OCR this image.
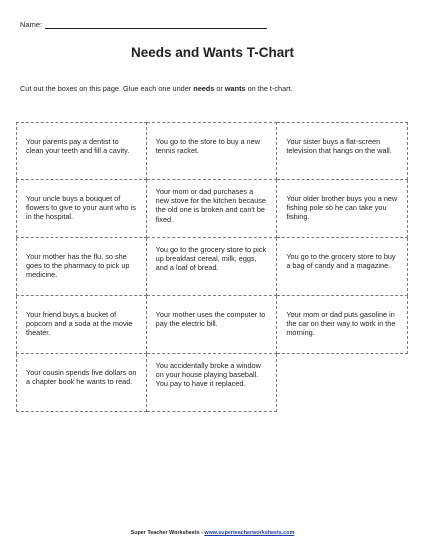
Name:
Needs and Wants T-Chart
Cut out the boxes on this page. Glue each one under needs or wants on the t-chart.
Your parents pay a dentist to clean your teeth and fill a cavity.
You go to the store to buy a new tennis racket.
Your sister buys a flat-screen television that hangs on the wall.
Your uncle buys a bouquet of flowers to give to your aunt who is in the hospital.
Your mom or dad purchases a new stove for the kitchen because the old one is broken and can't be fixed.
Your older brother buys you a new fishing pole so he can take you fishing.
Your mother has the flu, so she goes to the pharmacy to pick up medicine.
You go to the grocery store to pick up breakfast cereal, milk, eggs, and a loaf of bread.
You go to the grocery store to buy a bag of candy and a magazine.
Your friend buys a bucket of popcorn and a soda at the movie theater.
Your mother uses the computer to pay the electric bill.
Your mom or dad puts gasoline in the car on their way to work in the morning.
Your cousin spends five dollars on a chapter book he wants to read.
You accidentally broke a window on your house playing baseball. You pay to have it replaced.
Super Teacher Worksheets - www.superteacherworksheets.com
